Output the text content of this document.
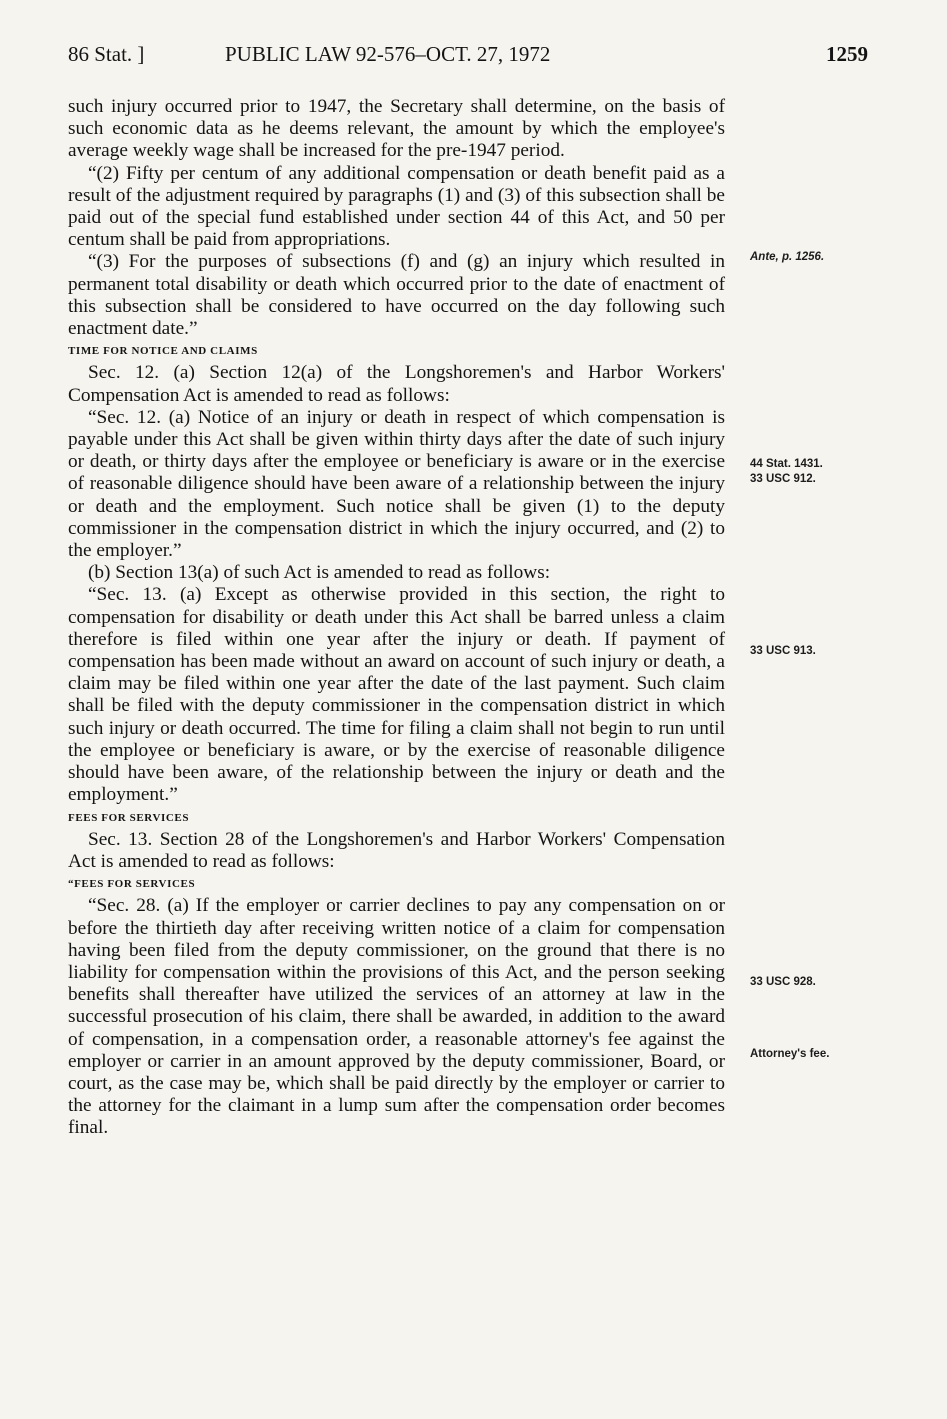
86 Stat. ]	PUBLIC LAW 92-576–OCT. 27, 1972	1259

such injury occurred prior to 1947, the Secretary shall determine, on the basis of such economic data as he deems relevant, the amount by which the employee's average weekly wage shall be increased for the pre-1947 period.

“(2) Fifty per centum of any additional compensation or death benefit paid as a result of the adjustment required by paragraphs (1) and (3) of this subsection shall be paid out of the special fund established under section 44 of this Act, and 50 per centum shall be paid from appropriations.

“(3) For the purposes of subsections (f) and (g) an injury which resulted in permanent total disability or death which occurred prior to the date of enactment of this subsection shall be considered to have occurred on the day following such enactment date.”

TIME FOR NOTICE AND CLAIMS

Sec. 12. (a) Section 12(a) of the Longshoremen's and Harbor Workers' Compensation Act is amended to read as follows:

“Sec. 12. (a) Notice of an injury or death in respect of which compensation is payable under this Act shall be given within thirty days after the date of such injury or death, or thirty days after the employee or beneficiary is aware or in the exercise of reasonable diligence should have been aware of a relationship between the injury or death and the employment. Such notice shall be given (1) to the deputy commissioner in the compensation district in which the injury occurred, and (2) to the employer.”

(b) Section 13(a) of such Act is amended to read as follows:

“Sec. 13. (a) Except as otherwise provided in this section, the right to compensation for disability or death under this Act shall be barred unless a claim therefore is filed within one year after the injury or death. If payment of compensation has been made without an award on account of such injury or death, a claim may be filed within one year after the date of the last payment. Such claim shall be filed with the deputy commissioner in the compensation district in which such injury or death occurred. The time for filing a claim shall not begin to run until the employee or beneficiary is aware, or by the exercise of reasonable diligence should have been aware, of the relationship between the injury or death and the employment.”

FEES FOR SERVICES

Sec. 13. Section 28 of the Longshoremen's and Harbor Workers' Compensation Act is amended to read as follows:

“FEES FOR SERVICES

“Sec. 28. (a) If the employer or carrier declines to pay any compensation on or before the thirtieth day after receiving written notice of a claim for compensation having been filed from the deputy commissioner, on the ground that there is no liability for compensation within the provisions of this Act, and the person seeking benefits shall thereafter have utilized the services of an attorney at law in the successful prosecution of his claim, there shall be awarded, in addition to the award of compensation, in a compensation order, a reasonable attorney's fee against the employer or carrier in an amount approved by the deputy commissioner, Board, or court, as the case may be, which shall be paid directly by the employer or carrier to the attorney for the claimant in a lump sum after the compensation order becomes final.

Ante, p. 1256.
44 Stat. 1431.
33 USC 912.
33 USC 913.
33 USC 928.
Attorney's fee.
